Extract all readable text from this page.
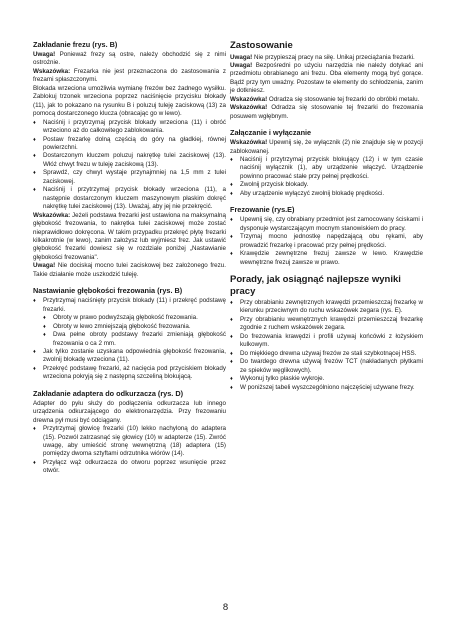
Zakładanie frezu (rys. B)

Uwaga! Ponieważ frezy są ostre, należy obchodzić się z nimi ostrożnie.

Wskazówka: Frezarka nie jest przeznaczona do zastosowania z frezami spłaszczonymi.

Blokada wrzeciona umożliwia wymianę frezów bez żadnego wysiłku. Zablokuj trzonek wrzeciona poprzez naciśnięcie przycisku blokady (11), jak to pokazano na rysunku B i poluzuj tuleję zaciskową (13) za pomocą dostarczonego klucza (obracając go w lewo).

♦ Naciśnij i przytrzymaj przycisk blokady wrzeciona (11) i obróć wrzeciono aż do całkowitego zablokowania.
♦ Postaw frezarkę dolną częścią do góry na gładkiej, równej powierzchni.
♦ Dostarczonym kluczem poluzuj nakrętkę tulei zaciskowej (13). Włóż chwyt frezu w tuleję zaciskową (13).
♦ Sprawdź, czy chwyt wystaje przynajmniej na 1,5 mm z tulei zaciskowej.
♦ Naciśnij i przytrzymaj przycisk blokady wrzeciona (11), a następnie dostarczonym kluczem maszynowym płaskim dokręć nakrętkę tulei zaciskowej (13). Uważaj, aby jej nie przekręcić.

Wskazówka: Jeżeli podstawa frezarki jest ustawiona na maksymalną głębokość frezowania, to nakrętka tulei zaciskowej może zostać nieprawidłowo dokręcona. W takim przypadku przekręć płytę frezarki kilkakrotnie (w lewo), zanim założysz lub wyjmiesz frez. Jak ustawić głębokość frezarki dowiesz się w rozdziale poniżej „Nastawianie głębokości frezowania".

Uwaga! Nie dociskaj mocno tulei zaciskowej bez założonego frezu. Takie działanie może uszkodzić tuleję.

Nastawianie głębokości frezowania (rys. B)
♦ Przytrzymaj naciśnięty przycisk blokady (11) i przekręć podstawę frezarki.
♦ Obroty w prawo podwyższają głębokość frezowania.
♦ Obroty w lewo zmniejszają głębokość frezowania.
♦ Dwa pełne obroty podstawy frezarki zmieniają głębokość frezowania o ca 2 mm.
♦ Jak tylko zostanie uzyskana odpowiednia głębokość frezowania, zwolnij blokadę wrzeciona (11).
♦ Przekręć podstawę frezarki, aż nacięcia pod przyciskiem blokady wrzeciona pokryją się z następną szczeliną blokującą.
Zakładanie adaptera do odkurzacza (rys. D)

Adapter do pyłu służy do podłączenia odkurzacza lub innego urządzenia odkurzającego do elektronarzędzia. Przy frezowaniu drewna pył musi być odciągany.

♦ Przytrzymaj głowicę frezarki (10) lekko nachyloną do adaptera (15). Pozwól zatrzasnąć się głowicy (10) w adapterze (15). Zwróć uwagę, aby umieścić stronę wewnętrzną (18) adaptera (15) pomiędzy dwoma sztyftami odrzutnika wiórów (14).
♦ Przyłącz wąż odkurzacza do otworu poprzez wsunięcie przez otwór.
Zastosowanie

Uwaga! Nie przypieszaj pracy na siłę. Unikaj przeciążania frezarki.

Uwaga! Bezpośredni po użyciu narzędzia nie należy dotykać ani przedmiotu obrabianego ani frezu. Oba elementy mogą być gorące. Bądź przy tym uważny. Pozostaw te elementy do schłodzenia, zanim je dotkniesz.

Wskazówka! Odradza się stosowanie tej frezarki do obróbki metalu.

Wskazówka! Odradza się stosowanie tej frezarki do frezowania posuwem wgłębnym.

Załączanie i wyłączanie

Wskazówka! Upewnij się, że wyłącznik (2) nie znajduje się w pozycji zablokowanej.

♦ Naciśnij i przytrzymaj przycisk blokujący (12) i w tym czasie naciśnij wyłącznik (1), aby urządzenie włączyć. Urządzenie powinno pracować stałe przy pełnej prędkości.
♦ Zwolnij przycisk blokady.
♦ Aby urządzenie wyłączyć zwolnij blokadę prędkości.
Frezowanie (rys.E)
♦ Upewnij się, czy obrabiany przedmiot jest zamocowany ściskami i dysponuje wystarczającym mocnym stanowiskiem do pracy.
♦ Trzymaj mocno jednostkę napędzającą obu rękami, aby prowadzić frezarkę i pracować przy pełnej prędkości.
♦ Krawędzie zewnętrzne frezuj zawsze w lewo. Krawędzie wewnętrzne frezuj zawsze w prawo.
Porady, jak osiągnąć najlepsze wyniki pracy
♦ Przy obrabianiu zewnętrznych krawędzi przemieszczaj frezarkę w kierunku przeciwnym do ruchu wskazówek zegara (rys. E).
♦ Przy obrabianiu wewnętrznych krawędzi przemieszczaj frezarkę zgodnie z ruchem wskazówek zegara.
♦ Do frezowania krawędzi i profili używaj końcówki z łożyskiem kulkowym.
♦ Do miękkiego drewna używaj frezów ze stali szybkotnącej HSS.
♦ Do twardego drewna używaj frezów TCT (nakładanych płytkami ze spieków węglikowych).
♦ Wykonuj tylko płaskie wykroje.
♦ W poniższej tabeli wyszczególniono najczęściej używane frezy.
8
